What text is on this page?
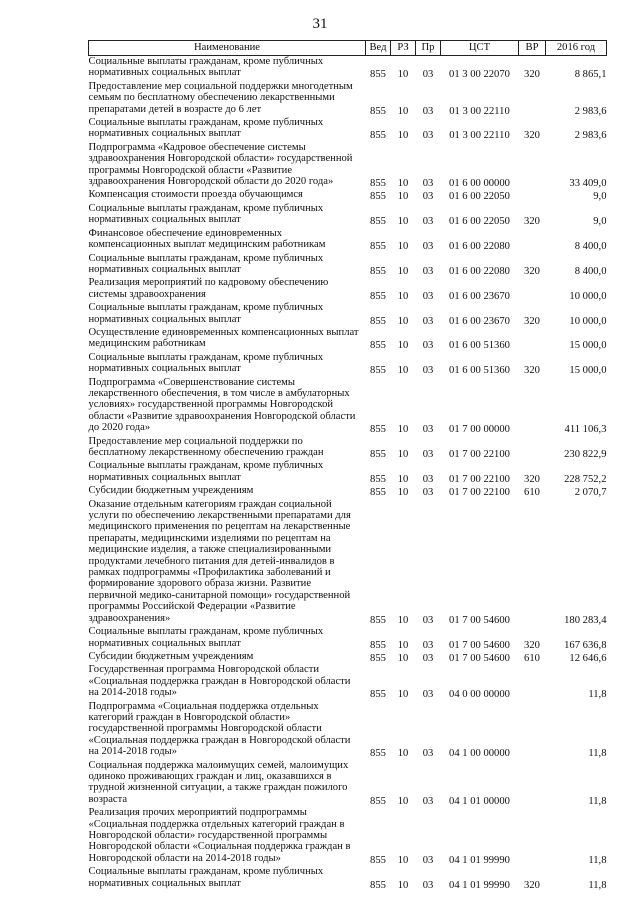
31
Наименование	Вед	РЗ	Пр	ЦСТ	ВР	2016 год
Социальные выплаты гражданам, кроме публичных нормативных социальных выплат	855	10	03	01 3 00 22070	320	8 865,1
Предоставление мер социальной поддержки многодетным семьям по бесплатному обеспечению лекарственными препаратами детей в возрасте до 6 лет	855	10	03	01 3 00 22110		2 983,6
Социальные выплаты гражданам, кроме публичных нормативных социальных выплат	855	10	03	01 3 00 22110	320	2 983,6
Подпрограмма «Кадровое обеспечение системы здравоохранения Новгородской области» государственной программы Новгородской области «Развитие здравоохранения Новгородской области до 2020 года»	855	10	03	01 6 00 00000		33 409,0
Компенсация стоимости проезда обучающимся	855	10	03	01 6 00 22050		9,0
Социальные выплаты гражданам, кроме публичных нормативных социальных выплат	855	10	03	01 6 00 22050	320	9,0
Финансовое обеспечение единовременных компенсационных выплат медицинским работникам	855	10	03	01 6 00 22080		8 400,0
Социальные выплаты гражданам, кроме публичных нормативных социальных выплат	855	10	03	01 6 00 22080	320	8 400,0
Реализация мероприятий по кадровому обеспечению системы здравоохранения	855	10	03	01 6 00 23670		10 000,0
Социальные выплаты гражданам, кроме публичных нормативных социальных выплат	855	10	03	01 6 00 23670	320	10 000,0
Осуществление единовременных компенсационных выплат медицинским работникам	855	10	03	01 6 00 51360		15 000,0
Социальные выплаты гражданам, кроме публичных нормативных социальных выплат	855	10	03	01 6 00 51360	320	15 000,0
Подпрограмма «Совершенствование системы лекарственного обеспечения, в том числе в амбулаторных условиях» государственной программы Новгородской области «Развитие здравоохранения Новгородской области до 2020 года»	855	10	03	01 7 00 00000		411 106,3
Предоставление мер социальной поддержки по бесплатному лекарственному обеспечению граждан	855	10	03	01 7 00 22100		230 822,9
Социальные выплаты гражданам, кроме публичных нормативных социальных выплат	855	10	03	01 7 00 22100	320	228 752,2
Субсидии бюджетным учреждениям	855	10	03	01 7 00 22100	610	2 070,7
Оказание отдельным категориям граждан социальной услуги по обеспечению лекарственными препаратами для медицинского применения по рецептам на лекарственные препараты, медицинскими изделиями по рецептам на медицинские изделия, а также специализированными продуктами лечебного питания для детей-инвалидов в рамках подпрограммы «Профилактика заболеваний и формирование здорового образа жизни. Развитие первичной медико-санитарной помощи» государственной программы Российской Федерации «Развитие здравоохранения»	855	10	03	01 7 00 54600		180 283,4
Социальные выплаты гражданам, кроме публичных нормативных социальных выплат	855	10	03	01 7 00 54600	320	167 636,8
Субсидии бюджетным учреждениям	855	10	03	01 7 00 54600	610	12 646,6
Государственная программа Новгородской области «Социальная поддержка граждан в Новгородской области на 2014-2018 годы»	855	10	03	04 0 00 00000		11,8
Подпрограмма «Социальная поддержка отдельных категорий граждан в Новгородской области» государственной программы Новгородской области «Социальная поддержка граждан в Новгородской области на 2014-2018 годы»	855	10	03	04 1 00 00000		11,8
Социальная поддержка малоимущих семей, малоимущих одиноко проживающих граждан и лиц, оказавшихся в трудной жизненной ситуации, а также граждан пожилого возраста	855	10	03	04 1 01 00000		11,8
Реализация прочих мероприятий подпрограммы «Социальная поддержка отдельных категорий граждан в Новгородской области» государственной программы Новгородской области «Социальная поддержка граждан в Новгородской области на 2014-2018 годы»	855	10	03	04 1 01 99990		11,8
Социальные выплаты гражданам, кроме публичных нормативных социальных выплат	855	10	03	04 1 01 99990	320	11,8
